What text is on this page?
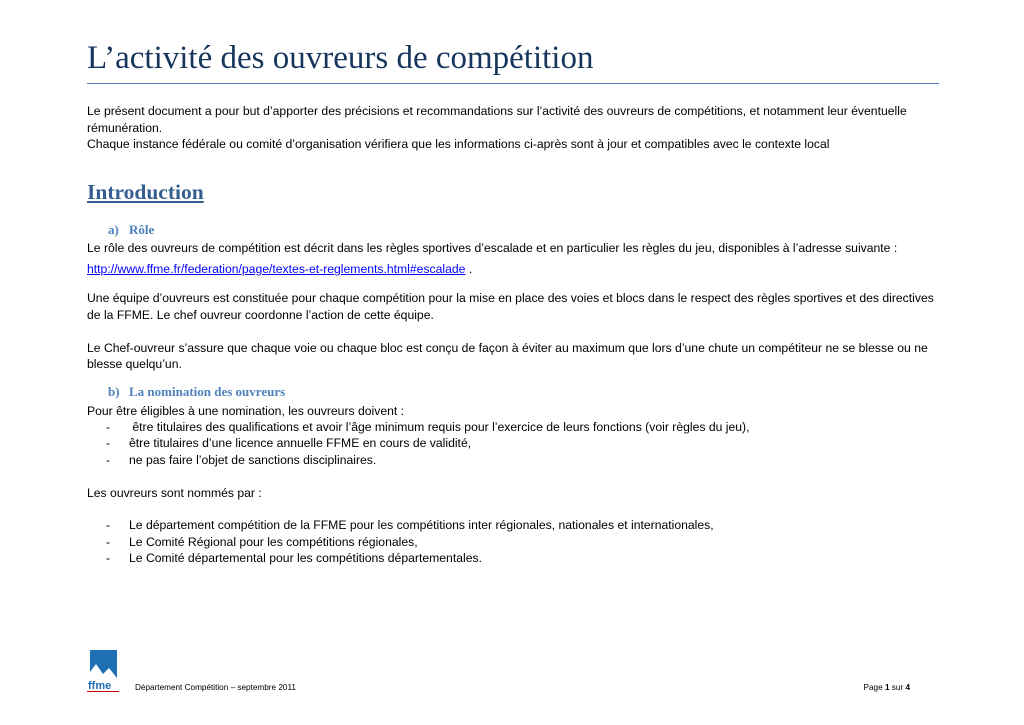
L’activité des ouvreurs de compétition
Le présent document a pour but d’apporter des précisions et recommandations sur l’activité des ouvreurs de compétitions, et notamment leur éventuelle
rémunération.
Chaque instance fédérale ou comité d’organisation vérifiera que les informations ci-après sont à jour et compatibles avec le contexte local
Introduction
a) Rôle
Le rôle des ouvreurs de compétition est décrit dans les règles sportives d’escalade et en particulier les règles du jeu, disponibles à l’adresse suivante :
http://www.ffme.fr/federation/page/textes-et-reglements.html#escalade .
Une équipe d’ouvreurs est constituée pour chaque compétition pour la mise en place des voies et blocs dans le respect des règles sportives et des directives
de la FFME. Le chef ouvreur coordonne l’action de cette équipe.
Le Chef-ouvreur s’assure que chaque voie ou chaque bloc est conçu de façon à éviter au maximum que lors d’une chute un compétiteur ne se blesse ou ne
blesse quelqu’un.
b) La nomination des ouvreurs
Pour être éligibles à une nomination, les ouvreurs doivent :
- être titulaires des qualifications et avoir l’âge minimum requis pour l’exercice de leurs fonctions (voir règles du jeu),
- être titulaires d’une licence annuelle FFME en cours de validité,
- ne pas faire l’objet de sanctions disciplinaires.
Les ouvreurs sont nommés par :
- Le département compétition de la FFME pour les compétitions inter régionales, nationales et internationales,
- Le Comité Régional pour les compétitions régionales,
- Le Comité départemental pour les compétitions départementales.
ffme	Département Compétition – septembre 2011	Page 1 sur 4
